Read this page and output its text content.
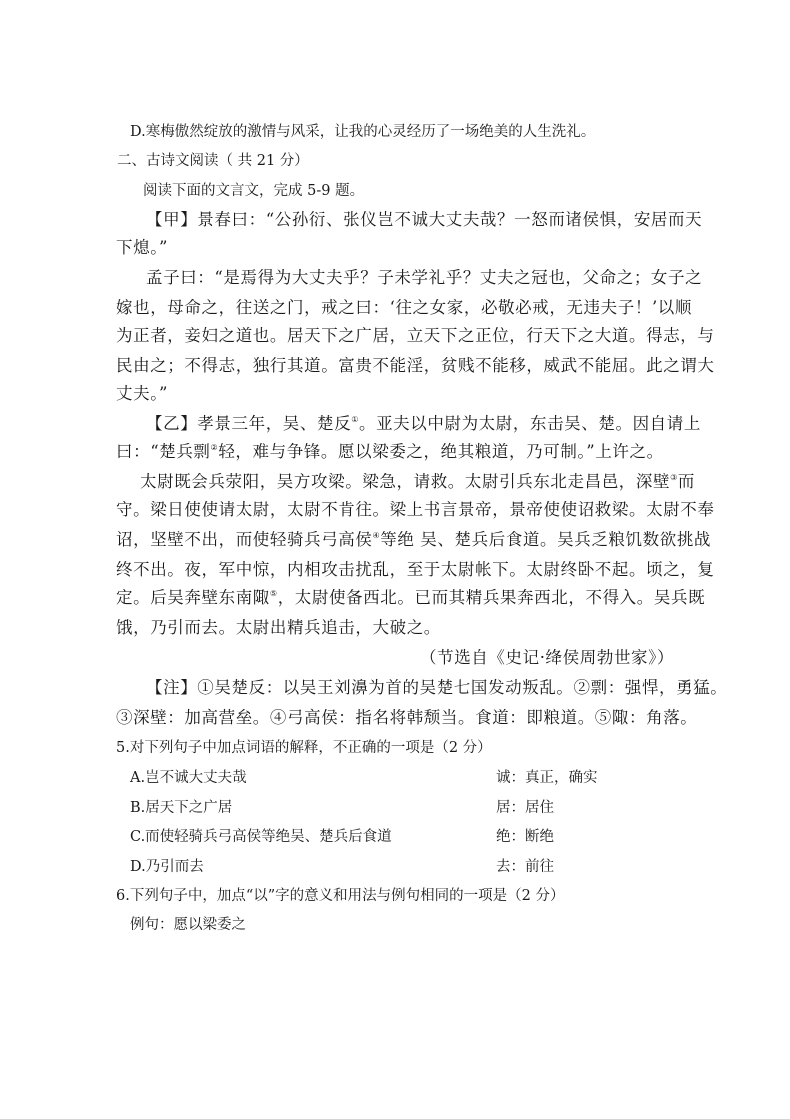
D.寒梅傲然绽放的激情与风采，让我的心灵经历了一场绝美的人生洗礼。

二、古诗文阅读（ 共 21 分）

阅读下面的文言文，完成 5-9 题。

【甲】景春曰：“公孙衍、张仪岂不诚大丈夫哉？一怒而诸侯惧，安居而天

下熄。”

孟子曰：“是焉得为大丈夫乎？子未学礼乎？丈夫之冠也，父命之；女子之

嫁也，母命之，往送之门，戒之曰：‘往之女家，必敬必戒，无违夫子！’以顺

为正者，妾妇之道也。居天下之广居，立天下之正位，行天下之大道。得志，与

民由之；不得志，独行其道。富贵不能淫，贫贱不能移，威武不能屈。此之谓大

丈夫。”

【乙】孝景三年，吴、楚反①。亚夫以中尉为太尉，东击吴、楚。因自请上

曰：“楚兵剽②轻，难与争锋。愿以梁委之，绝其粮道，乃可制。”上许之。

太尉既会兵荥阳，吴方攻梁。梁急，请救。太尉引兵东北走昌邑，深壁③而

守。梁日使使请太尉，太尉不肯往。梁上书言景帝，景帝使使诏救梁。太尉不奉

诏，坚壁不出，而使轻骑兵弓高侯④等绝 吴、楚兵后食道。吴兵乏粮饥数欲挑战

终不出。夜，军中惊，内相攻击扰乱，至于太尉帐下。太尉终卧不起。顷之，复

定。后吴奔壁东南陬⑤，太尉使备西北。已而其精兵果奔西北，不得入。吴兵既

饿，乃引而去。太尉出精兵追击，大破之。

（节选自《史记·绛侯周勃世家》）

【注】①吴楚反：以吴王刘濞为首的吴楚七国发动叛乱。②剽：强悍，勇猛。

③深壁：加高营垒。④弓高侯：指名将韩颓当。食道：即粮道。⑤陬：角落。

5.对下列句子中加点词语的解释，不正确的一项是（2 分）

A.岂不诚大丈夫哉	诚：真正，确实
B.居天下之广居	居：居住
C.而使轻骑兵弓高侯等绝吴、楚兵后食道	绝：断绝
D.乃引而去	去：前往

6.下列句子中，加点“以”字的意义和用法与例句相同的一项是（2 分）

例句：愿以梁委之
